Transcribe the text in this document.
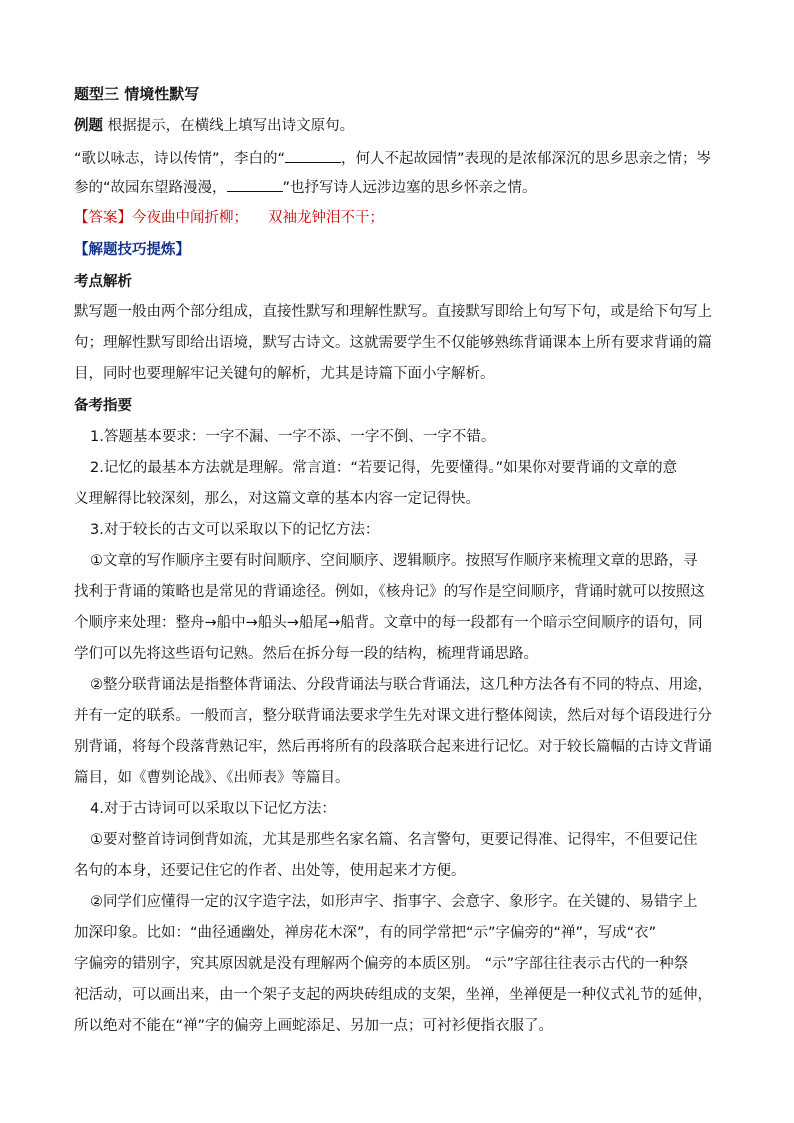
题型三 情境性默写
例题 根据提示，在横线上填写出诗文原句。
“歌以咏志，诗以传情”，李白的“	，何人不起故园情”表现的是浓郁深沉的思乡思亲之情；岑
参的“故园东望路漫漫，	”也抒写诗人远涉边塞的思乡怀亲之情。
【答案】今夜曲中闻折柳； 双袖龙钟泪不干；
【解题技巧提炼】
考点解析
默写题一般由两个部分组成，直接性默写和理解性默写。直接默写即给上句写下句，或是给下句写上
句；理解性默写即给出语境，默写古诗文。这就需要学生不仅能够熟练背诵课本上所有要求背诵的篇
目，同时也要理解牢记关键句的解析，尤其是诗篇下面小字解析。
备考指要
1.答题基本要求：一字不漏、一字不添、一字不倒、一字不错。
2.记忆的最基本方法就是理解。常言道：“若要记得，先要懂得。”如果你对要背诵的文章的意
义理解得比较深刻，那么，对这篇文章的基本内容一定记得快。
3.对于较长的古文可以采取以下的记忆方法：
①文章的写作顺序主要有时间顺序、空间顺序、逻辑顺序。按照写作顺序来梳理文章的思路，寻
找利于背诵的策略也是常见的背诵途径。例如，《核舟记》的写作是空间顺序，背诵时就可以按照这
个顺序来处理：整舟→船中→船头→船尾→船背。文章中的每一段都有一个暗示空间顺序的语句，同
学们可以先将这些语句记熟。然后在拆分每一段的结构，梳理背诵思路。
②整分联背诵法是指整体背诵法、分段背诵法与联合背诵法，这几种方法各有不同的特点、用途，
并有一定的联系。一般而言，整分联背诵法要求学生先对课文进行整体阅读，然后对每个语段进行分
别背诵，将每个段落背熟记牢，然后再将所有的段落联合起来进行记忆。对于较长篇幅的古诗文背诵
篇目，如《曹刿论战》、《出师表》等篇目。
4.对于古诗词可以采取以下记忆方法：
①要对整首诗词倒背如流，尤其是那些名家名篇、名言警句，更要记得准、记得牢，不但要记住
名句的本身，还要记住它的作者、出处等，使用起来才方便。
②同学们应懂得一定的汉字造字法，如形声字、指事字、会意字、象形字。在关键的、易错字上
加深印象。比如：“曲径通幽处，禅房花木深”，有的同学常把“示”字偏旁的“禅”，写成“衣”
字偏旁的错别字，究其原因就是没有理解两个偏旁的本质区别。 “示”字部往往表示古代的一种祭
祀活动，可以画出来，由一个架子支起的两块砖组成的支架，坐禅，坐禅便是一种仪式礼节的延伸，
所以绝对不能在“禅”字的偏旁上画蛇添足、另加一点；可衬衫便指衣服了。
